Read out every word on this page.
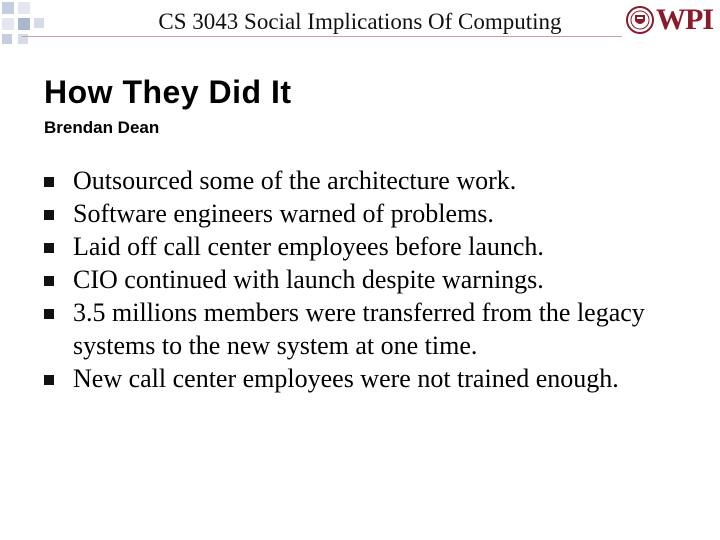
CS 3043 Social Implications Of Computing	WPI
How They Did It
Brendan Dean
Outsourced some of the architecture work.
Software engineers warned of problems.
Laid off call center employees before launch.
CIO continued with launch despite warnings.
3.5 millions members were transferred from the legacy systems to the new system at one time.
New call center employees were not trained enough.
